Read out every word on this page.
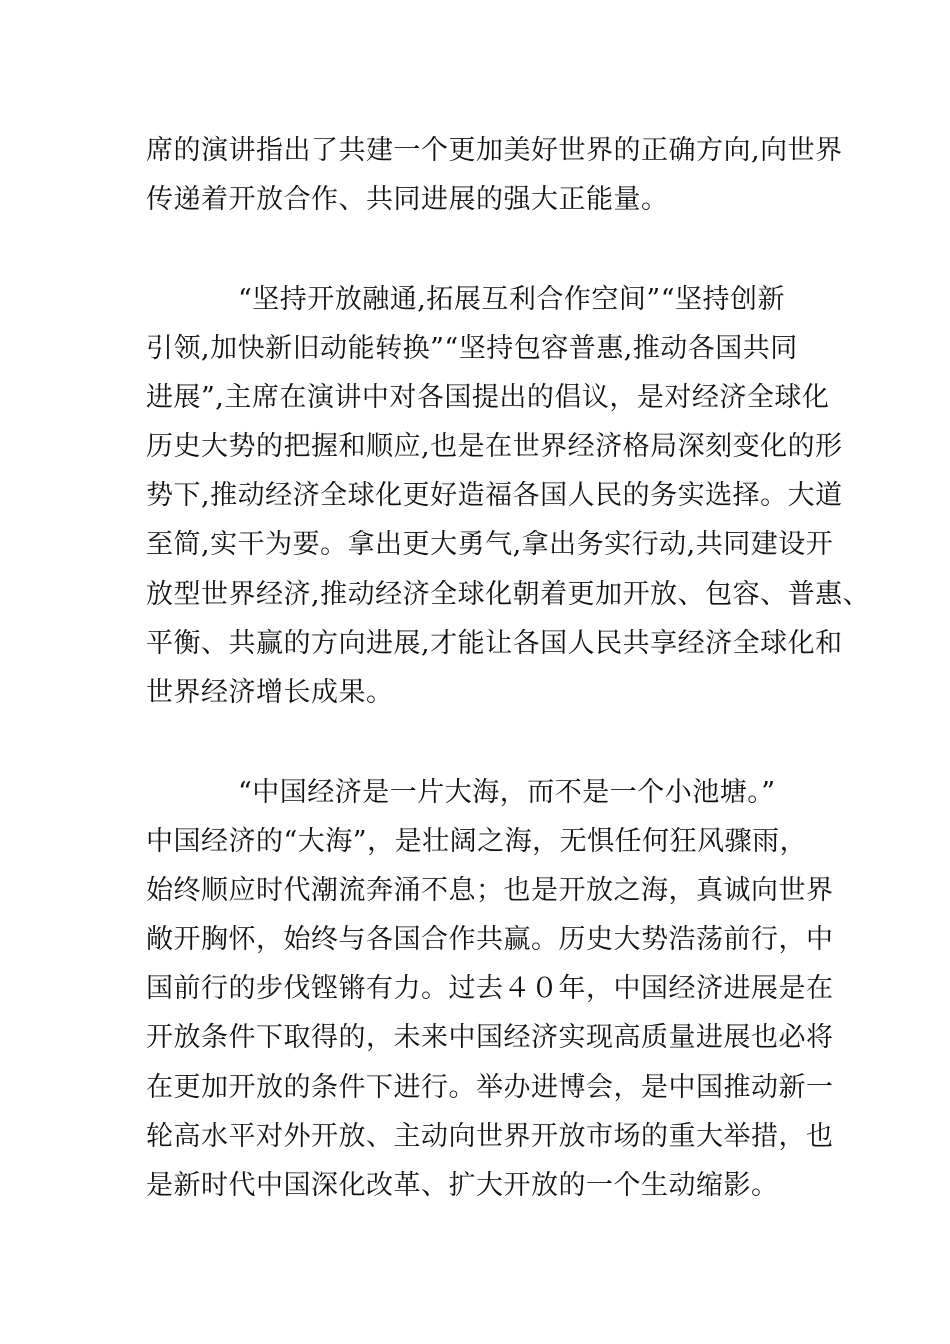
席的演讲指出了共建一个更加美好世界的正确方向,向世界
传递着开放合作、共同进展的强大正能量。
“坚持开放融通,拓展互利合作空间”“坚持创新
引领,加快新旧动能转换”“坚持包容普惠,推动各国共同
进展”,主席在演讲中对各国提出的倡议，是对经济全球化
历史大势的把握和顺应,也是在世界经济格局深刻变化的形
势下,推动经济全球化更好造福各国人民的务实选择。大道
至简,实干为要。拿出更大勇气,拿出务实行动,共同建设开
放型世界经济,推动经济全球化朝着更加开放、包容、普惠、
平衡、共赢的方向进展,才能让各国人民共享经济全球化和
世界经济增长成果。
“中国经济是一片大海，而不是一个小池塘。”
中国经济的“大海”，是壮阔之海，无惧任何狂风骤雨，
始终顺应时代潮流奔涌不息；也是开放之海，真诚向世界
敞开胸怀，始终与各国合作共赢。历史大势浩荡前行，中
国前行的步伐铿锵有力。过去４０年，中国经济进展是在
开放条件下取得的，未来中国经济实现高质量进展也必将
在更加开放的条件下进行。举办进博会，是中国推动新一
轮高水平对外开放、主动向世界开放市场的重大举措，也
是新时代中国深化改革、扩大开放的一个生动缩影。
